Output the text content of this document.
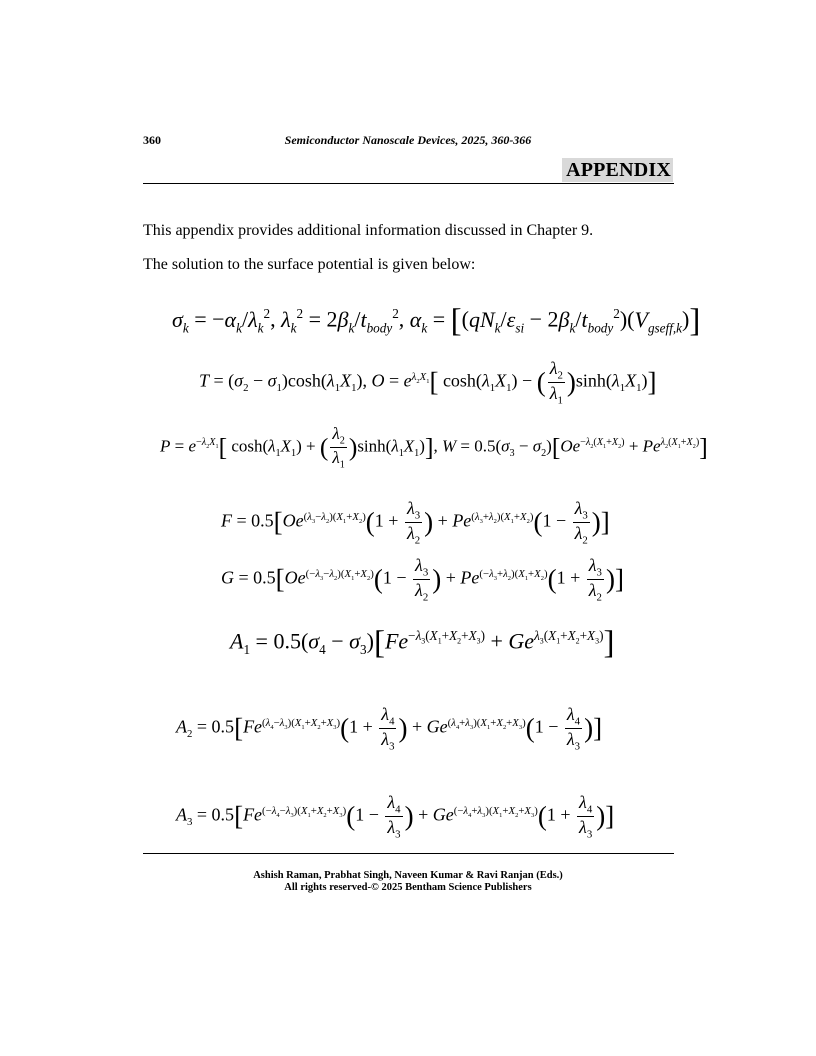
360	Semiconductor Nanoscale Devices, 2025, 360-366
APPENDIX
This appendix provides additional information discussed in Chapter 9.
The solution to the surface potential is given below:
$\sigma_k = -\alpha_k/\lambda_k^2$, $\lambda_k^2 = 2\beta_k/t_{body}^2$, $\alpha_k = [(qN_k/\varepsilon_{si} - 2\beta_k/t_{body}^2)(V_{gseff,k})]$
$T = (\sigma_2 - \sigma_1)\cosh(\lambda_1X_1)$, $O = e^{\lambda_2X_1}$[ $\cosh(\lambda_1X_1)$ − ( $\frac{\lambda_2}{\lambda_1} )\sinh(\lambda_1X_1)$]
$P = e^{-\lambda_2X_1}$[ $\cosh(\lambda_1X_1)$ + ( $\frac{\lambda_2}{\lambda_1} )\sinh(\lambda_1X_1)$], $W = 0.5(\sigma_3 - \sigma_2)[Oe^{-\lambda_2(X_1+X_2)} + Pe^{\lambda_2(X_1+X_2)}]$
$F = 0.5[Oe^{(\lambda_3-\lambda_2)(X_1+X_2)}(1 + \frac{\lambda_3}{\lambda_2}$ ) + $Pe^{(\lambda_3+\lambda_2)(X_1+X_2)}(1 - \frac{\lambda_3}{\lambda_2}$ )]
$G = 0.5[Oe^{(-\lambda_3-\lambda_2)(X_1+X_2)}(1 - \frac{\lambda_3}{\lambda_2}$ ) + $Pe^{(-\lambda_3+\lambda_2)(X_1+X_2)}(1 + \frac{\lambda_3}{\lambda_2}$ )]
$A_1 = 0.5(\sigma_4 - \sigma_3)[Fe^{-\lambda_3(X_1+X_2+X_3)} + Ge^{\lambda_3(X_1+X_2+X_3)}]$
$A_2 = 0.5[Fe^{(\lambda_4-\lambda_3)(X_1+X_2+X_3)}(1 + \frac{\lambda_4}{\lambda_3}$ ) + $Ge^{(\lambda_4+\lambda_3)(X_1+X_2+X_3)}(1 - \frac{\lambda_4}{\lambda_3}$ )]
$A_3 = 0.5[Fe^{(-\lambda_4-\lambda_3)(X_1+X_2+X_3)}(1 - \frac{\lambda_4}{\lambda_3}$ ) + $Ge^{(-\lambda_4+\lambda_3)(X_1+X_2+X_3)}(1 + \frac{\lambda_4}{\lambda_3}$ )]
Ashish Raman, Prabhat Singh, Naveen Kumar & Ravi Ranjan (Eds.)
All rights reserved-© 2025 Bentham Science Publishers
